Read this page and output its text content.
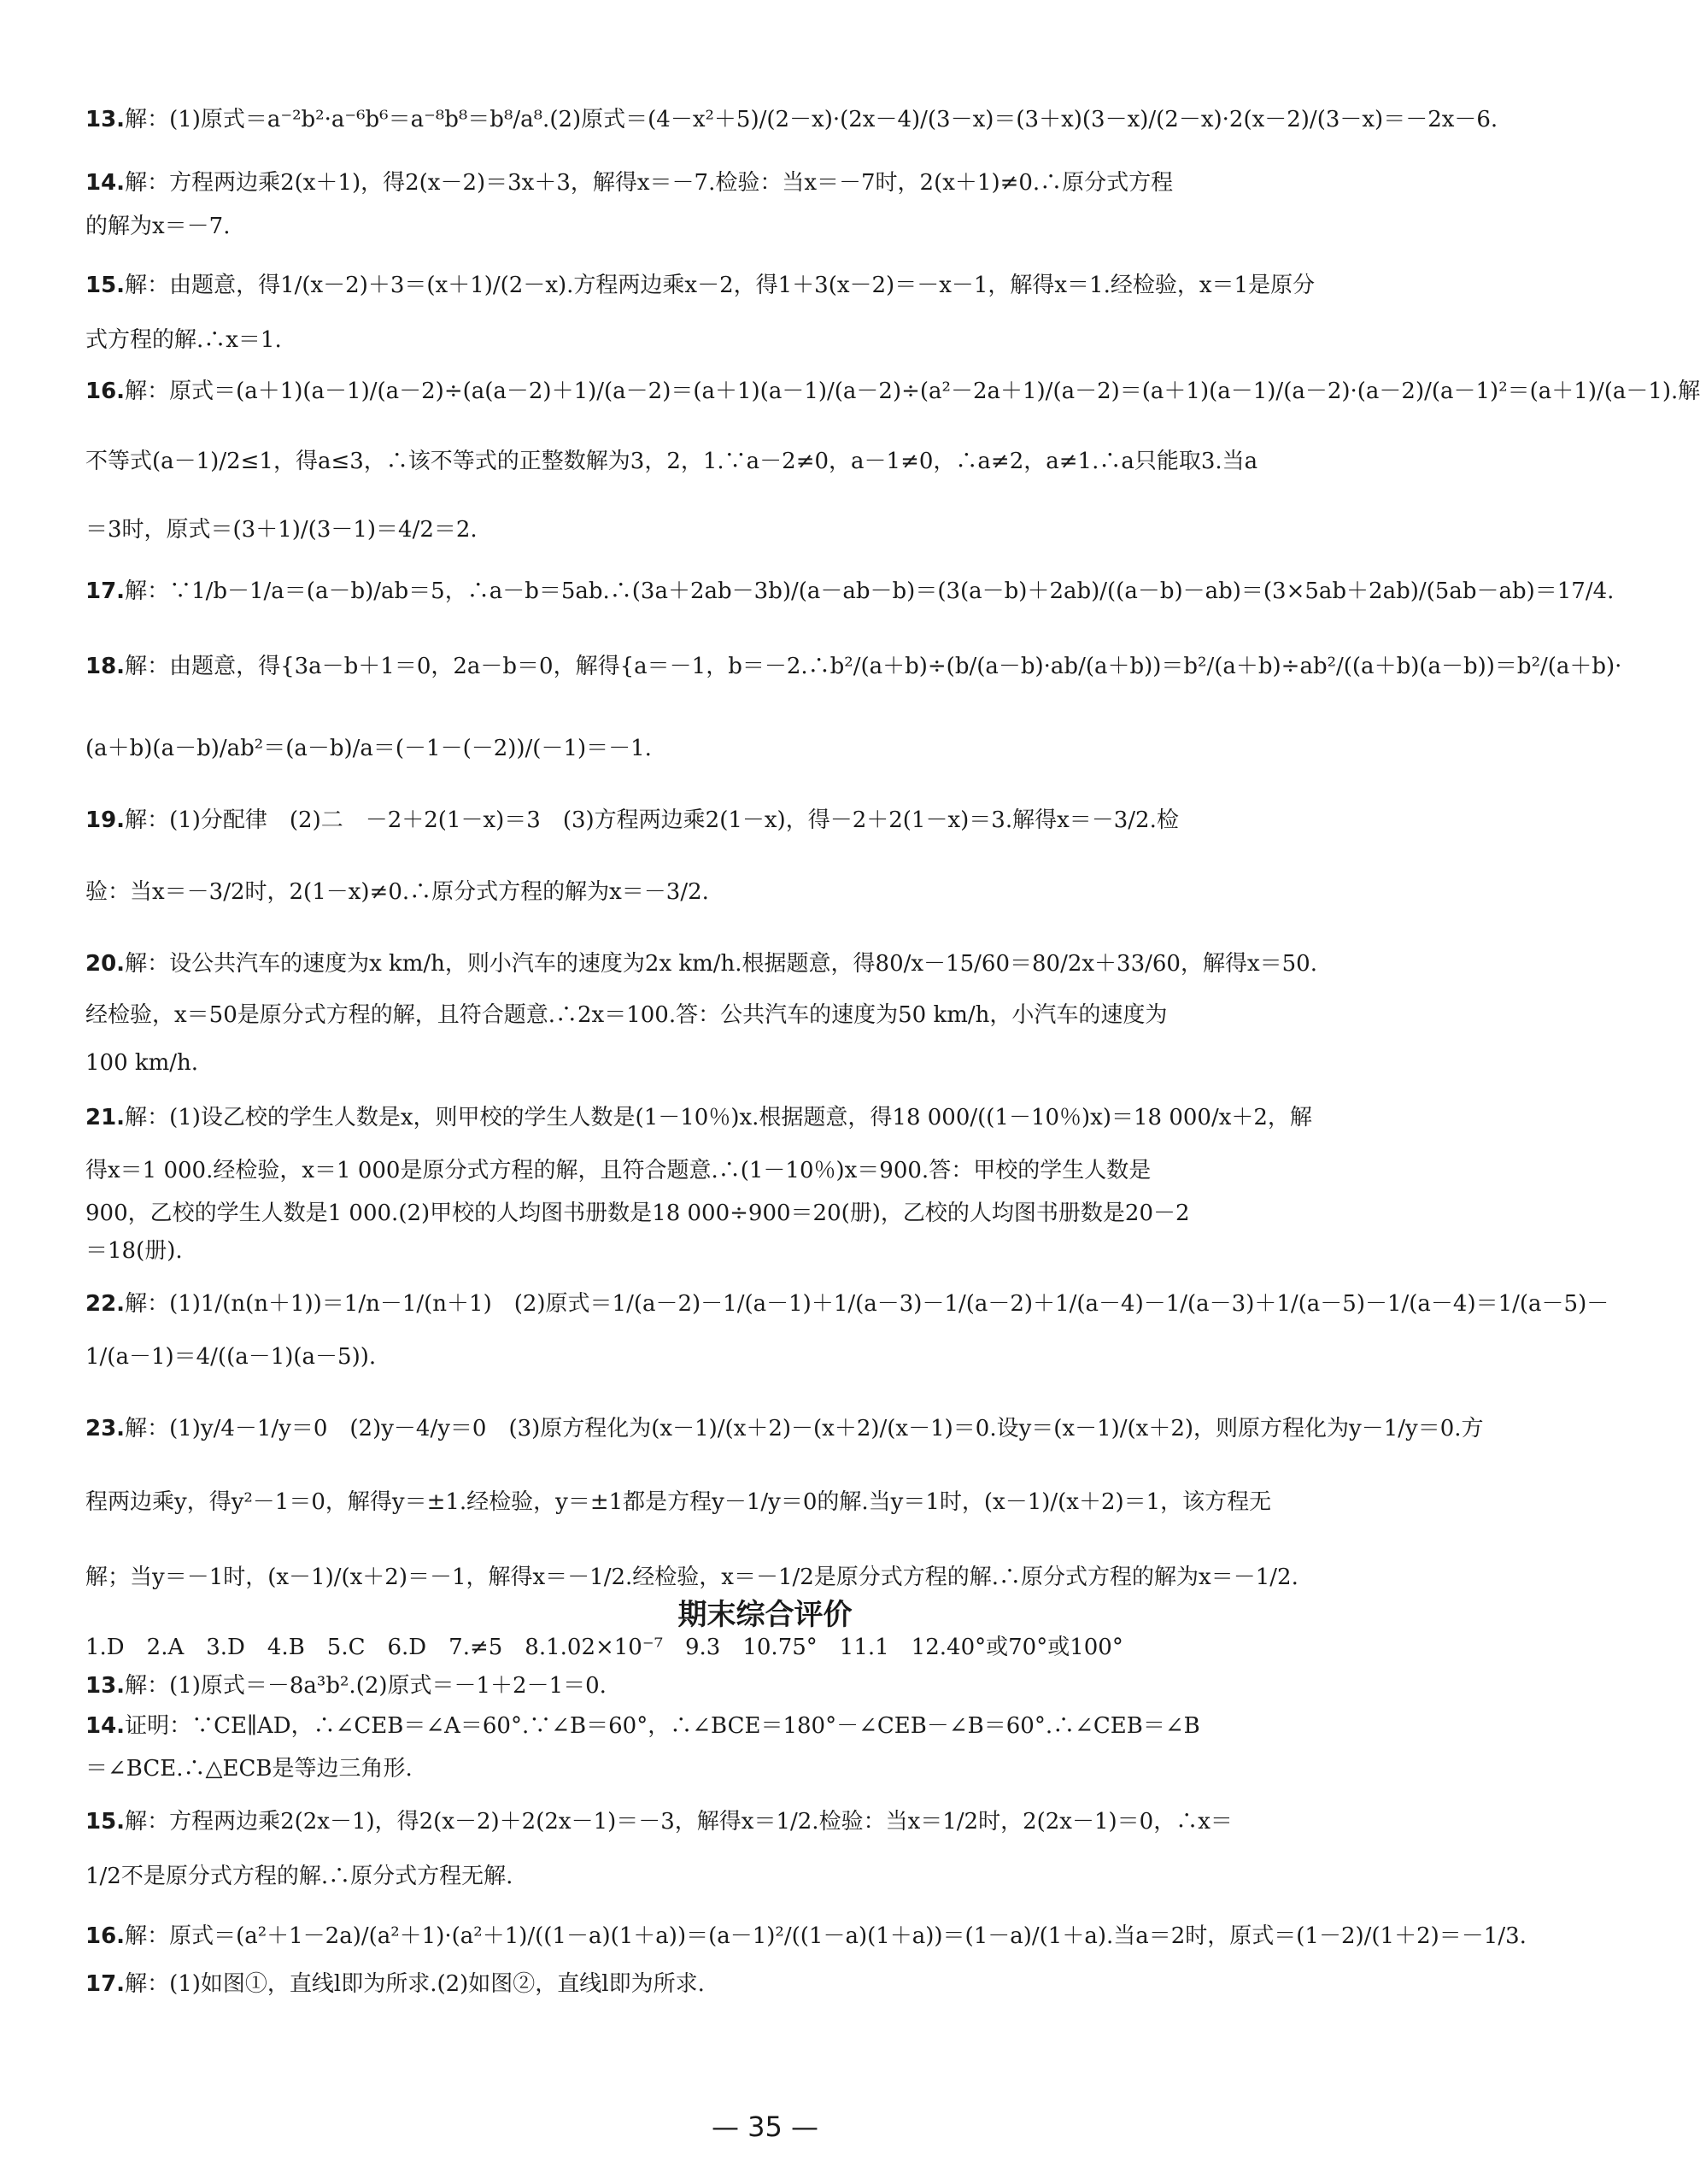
13.解：(1)原式＝a⁻²b²·a⁻⁶b⁶＝a⁻⁸b⁸＝b⁸/a⁸.(2)原式＝(4－x²＋5)/(2－x)·(2x－4)/(3－x)＝(3＋x)(3－x)/(2－x)·2(x－2)/(3－x)＝－2x－6.
14.解：方程两边乘2(x＋1)，得2(x－2)＝3x＋3，解得x＝－7.检验：当x＝－7时，2(x＋1)≠0.∴原分式方程
的解为x＝－7.
15.解：由题意，得1/(x－2)＋3＝(x＋1)/(2－x).方程两边乘x－2，得1＋3(x－2)＝－x－1，解得x＝1.经检验，x＝1是原分
式方程的解.∴x＝1.
16.解：原式＝(a＋1)(a－1)/(a－2)÷(a(a－2)＋1)/(a－2)＝(a＋1)(a－1)/(a－2)÷(a²－2a＋1)/(a－2)＝(a＋1)(a－1)/(a－2)·(a－2)/(a－1)²＝(a＋1)/(a－1).解
不等式(a－1)/2≤1，得a≤3，∴该不等式的正整数解为3，2，1.∵a－2≠0，a－1≠0，∴a≠2，a≠1.∴a只能取3.当a
＝3时，原式＝(3＋1)/(3－1)＝4/2＝2.
17.解：∵1/b－1/a＝(a－b)/ab＝5，∴a－b＝5ab.∴(3a＋2ab－3b)/(a－ab－b)＝(3(a－b)＋2ab)/((a－b)－ab)＝(3×5ab＋2ab)/(5ab－ab)＝17/4.
18.解：由题意，得{3a－b＋1＝0，2a－b＝0，解得{a＝－1，b＝－2.∴b²/(a＋b)÷(b/(a－b)·ab/(a＋b))＝b²/(a＋b)÷ab²/((a＋b)(a－b))＝b²/(a＋b)·
(a＋b)(a－b)/ab²＝(a－b)/a＝(－1－(－2))/(－1)＝－1.
19.解：(1)分配律　(2)二　－2＋2(1－x)＝3　(3)方程两边乘2(1－x)，得－2＋2(1－x)＝3.解得x＝－3/2.检
验：当x＝－3/2时，2(1－x)≠0.∴原分式方程的解为x＝－3/2.
20.解：设公共汽车的速度为x km/h，则小汽车的速度为2x km/h.根据题意，得80/x－15/60＝80/2x＋33/60，解得x＝50.
经检验，x＝50是原分式方程的解，且符合题意.∴2x＝100.答：公共汽车的速度为50 km/h，小汽车的速度为
100 km/h.
21.解：(1)设乙校的学生人数是x，则甲校的学生人数是(1－10％)x.根据题意，得18 000/((1－10％)x)＝18 000/x＋2，解
得x＝1 000.经检验，x＝1 000是原分式方程的解，且符合题意.∴(1－10％)x＝900.答：甲校的学生人数是
900，乙校的学生人数是1 000.(2)甲校的人均图书册数是18 000÷900＝20(册)，乙校的人均图书册数是20－2
＝18(册).
22.解：(1)1/(n(n＋1))＝1/n－1/(n＋1)　(2)原式＝1/(a－2)－1/(a－1)＋1/(a－3)－1/(a－2)＋1/(a－4)－1/(a－3)＋1/(a－5)－1/(a－4)＝1/(a－5)－
1/(a－1)＝4/((a－1)(a－5)).
23.解：(1)y/4－1/y＝0　(2)y－4/y＝0　(3)原方程化为(x－1)/(x＋2)－(x＋2)/(x－1)＝0.设y＝(x－1)/(x＋2)，则原方程化为y－1/y＝0.方
程两边乘y，得y²－1＝0，解得y＝±1.经检验，y＝±1都是方程y－1/y＝0的解.当y＝1时，(x－1)/(x＋2)＝1，该方程无
解；当y＝－1时，(x－1)/(x＋2)＝－1，解得x＝－1/2.经检验，x＝－1/2是原分式方程的解.∴原分式方程的解为x＝－1/2.
期末综合评价
1.D　2.A　3.D　4.B　5.C　6.D　7.≠5　8.1.02×10⁻⁷　9.3　10.75°　11.1　12.40°或70°或100°
13.解：(1)原式＝－8a³b².(2)原式＝－1＋2－1＝0.
14.证明：∵CE∥AD，∴∠CEB＝∠A＝60°.∵∠B＝60°，∴∠BCE＝180°－∠CEB－∠B＝60°.∴∠CEB＝∠B
＝∠BCE.∴△ECB是等边三角形.
15.解：方程两边乘2(2x－1)，得2(x－2)＋2(2x－1)＝－3，解得x＝1/2.检验：当x＝1/2时，2(2x－1)＝0，∴x＝
1/2不是原分式方程的解.∴原分式方程无解.
16.解：原式＝(a²＋1－2a)/(a²＋1)·(a²＋1)/((1－a)(1＋a))＝(a－1)²/((1－a)(1＋a))＝(1－a)/(1＋a).当a＝2时，原式＝(1－2)/(1＋2)＝－1/3.
17.解：(1)如图①，直线l即为所求.(2)如图②，直线l即为所求.
— 35 —
